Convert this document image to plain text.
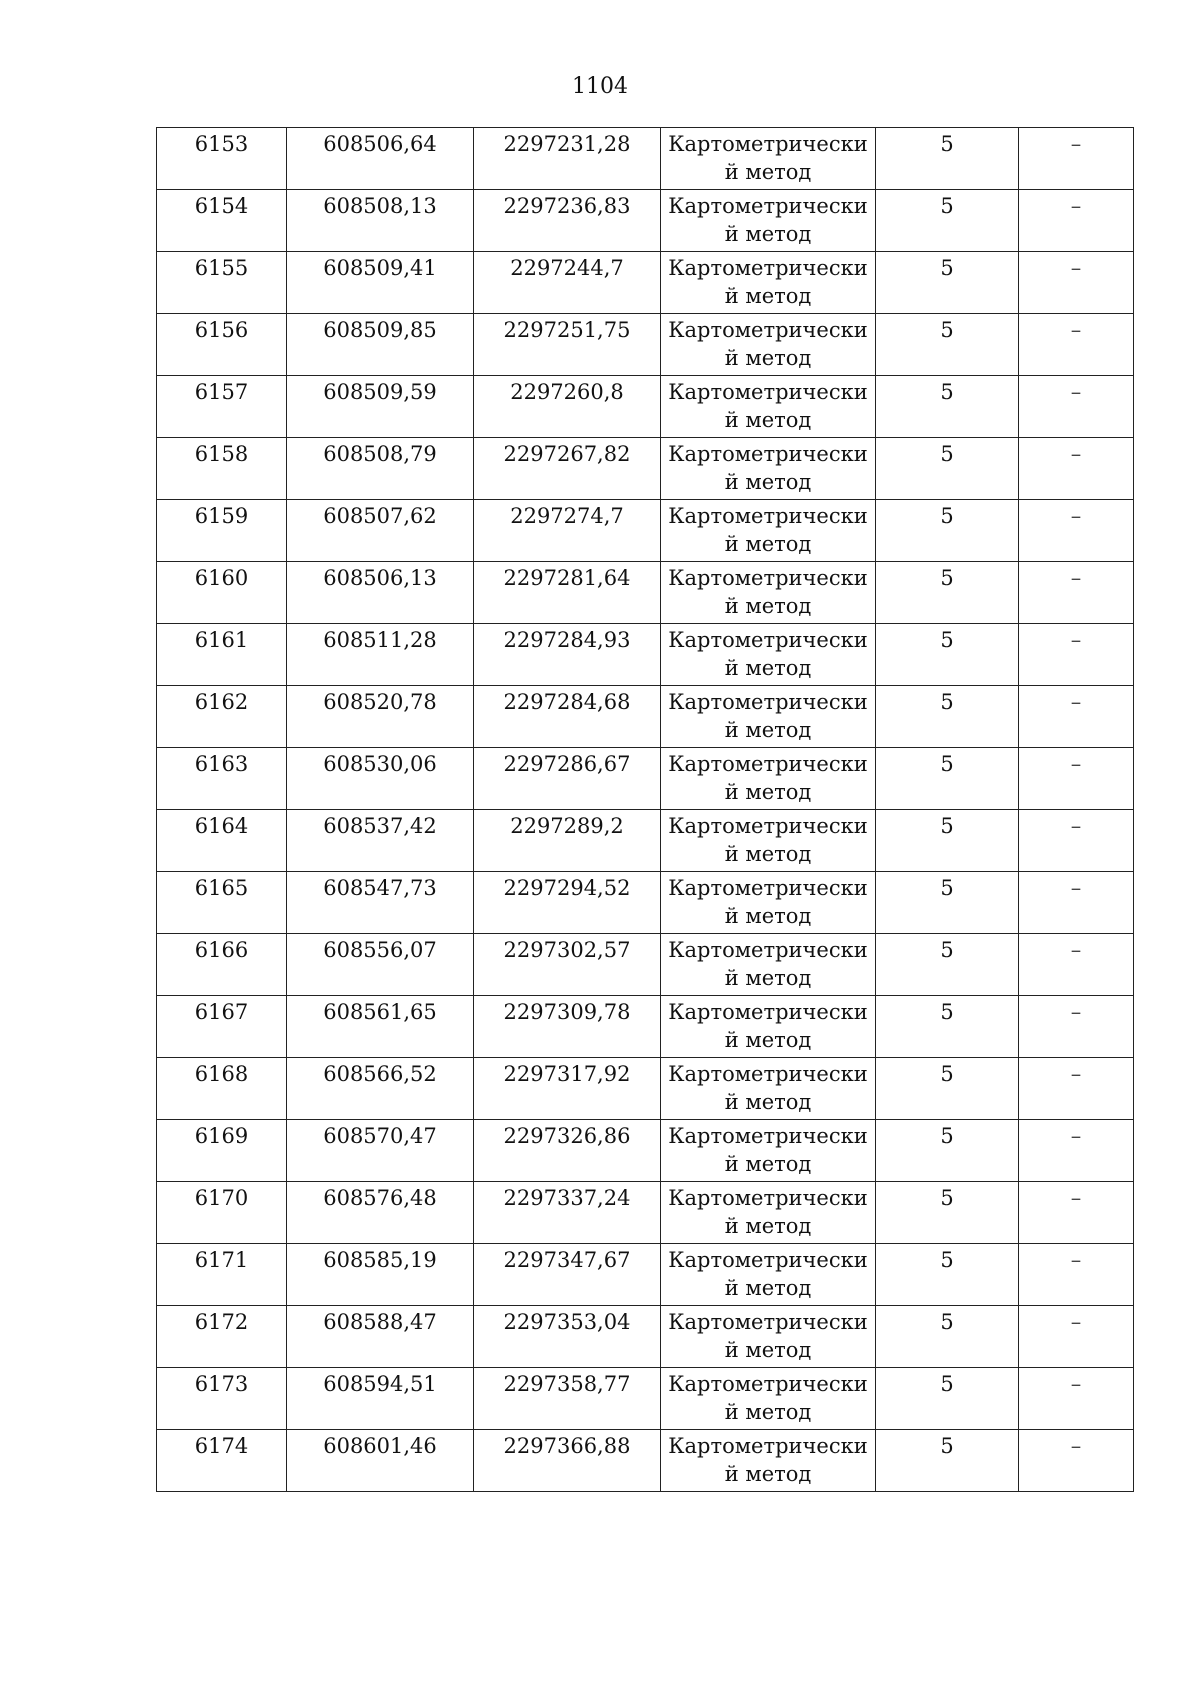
1104
6153	608506,64	2297231,28	Картометрически​й метод	5	–
6154	608508,13	2297236,83	Картометрически​й метод	5	–
6155	608509,41	2297244,7	Картометрически​й метод	5	–
6156	608509,85	2297251,75	Картометрически​й метод	5	–
6157	608509,59	2297260,8	Картометрически​й метод	5	–
6158	608508,79	2297267,82	Картометрически​й метод	5	–
6159	608507,62	2297274,7	Картометрически​й метод	5	–
6160	608506,13	2297281,64	Картометрически​й метод	5	–
6161	608511,28	2297284,93	Картометрически​й метод	5	–
6162	608520,78	2297284,68	Картометрически​й метод	5	–
6163	608530,06	2297286,67	Картометрически​й метод	5	–
6164	608537,42	2297289,2	Картометрически​й метод	5	–
6165	608547,73	2297294,52	Картометрически​й метод	5	–
6166	608556,07	2297302,57	Картометрически​й метод	5	–
6167	608561,65	2297309,78	Картометрически​й метод	5	–
6168	608566,52	2297317,92	Картометрически​й метод	5	–
6169	608570,47	2297326,86	Картометрически​й метод	5	–
6170	608576,48	2297337,24	Картометрически​й метод	5	–
6171	608585,19	2297347,67	Картометрически​й метод	5	–
6172	608588,47	2297353,04	Картометрически​й метод	5	–
6173	608594,51	2297358,77	Картометрически​й метод	5	–
6174	608601,46	2297366,88	Картометрически​й метод	5	–
